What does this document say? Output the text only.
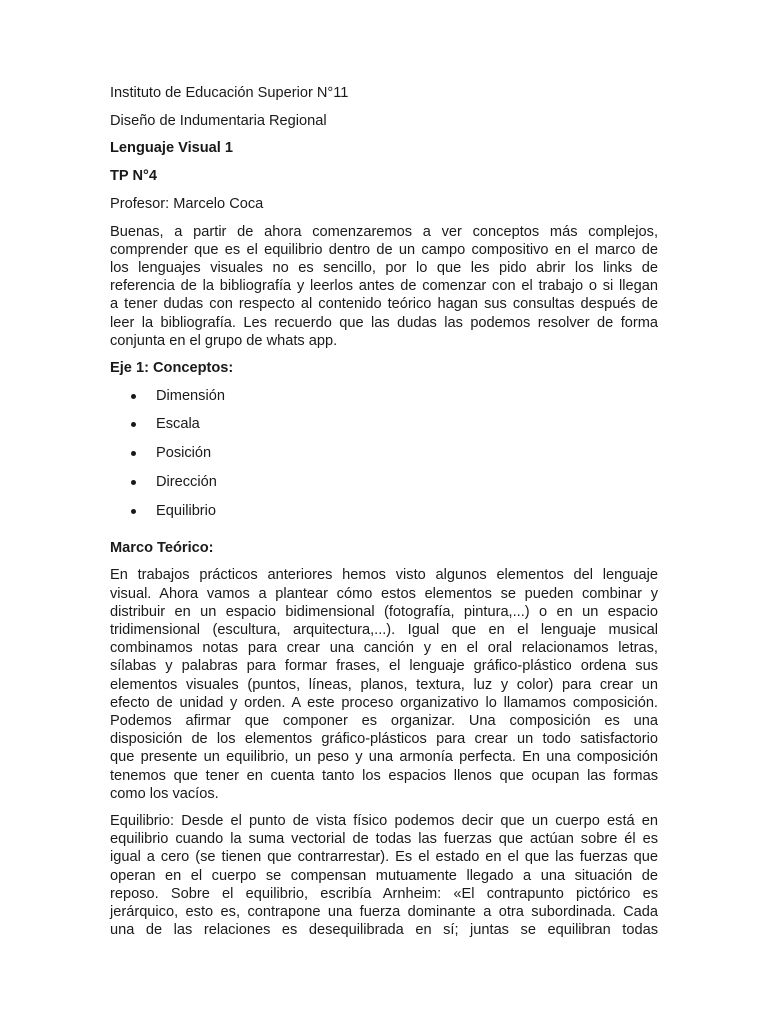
Instituto de Educación Superior N°11
Diseño de Indumentaria Regional
Lenguaje Visual 1
TP N°4
Profesor: Marcelo Coca
Buenas, a partir de ahora comenzaremos a ver conceptos más complejos,
comprender que es el equilibrio dentro de un campo compositivo en el marco de
los lenguajes visuales no es sencillo, por lo que les pido abrir los links de
referencia de la bibliografía y leerlos antes de comenzar con el trabajo o si llegan
a tener dudas con respecto al contenido teórico hagan sus consultas después de
leer la bibliografía. Les recuerdo que las dudas las podemos resolver de forma
conjunta en el grupo de whats app.
Eje 1: Conceptos:
Dimensión
Escala
Posición
Dirección
Equilibrio
Marco Teórico:
En trabajos prácticos anteriores hemos visto algunos elementos del lenguaje
visual. Ahora vamos a plantear cómo estos elementos se pueden combinar y
distribuir en un espacio bidimensional (fotografía, pintura,...) o en un espacio
tridimensional (escultura, arquitectura,...). Igual que en el lenguaje musical
combinamos notas para crear una canción y en el oral relacionamos letras,
sílabas y palabras para formar frases, el lenguaje gráfico-plástico ordena sus
elementos visuales (puntos, líneas, planos, textura, luz y color) para crear un
efecto de unidad y orden. A este proceso organizativo lo llamamos composición.
Podemos afirmar que componer es organizar. Una composición es una
disposición de los elementos gráfico-plásticos para crear un todo satisfactorio
que presente un equilibrio, un peso y una armonía perfecta. En una composición
tenemos que tener en cuenta tanto los espacios llenos que ocupan las formas
como los vacíos.
Equilibrio: Desde el punto de vista físico podemos decir que un cuerpo está en
equilibrio cuando la suma vectorial de todas las fuerzas que actúan sobre él es
igual a cero (se tienen que contrarrestar). Es el estado en el que las fuerzas que
operan en el cuerpo se compensan mutuamente llegado a una situación de
reposo. Sobre el equilibrio, escribía Arnheim: «El contrapunto pictórico es
jerárquico, esto es, contrapone una fuerza dominante a otra subordinada. Cada
una de las relaciones es desequilibrada en sí; juntas se equilibran todas
